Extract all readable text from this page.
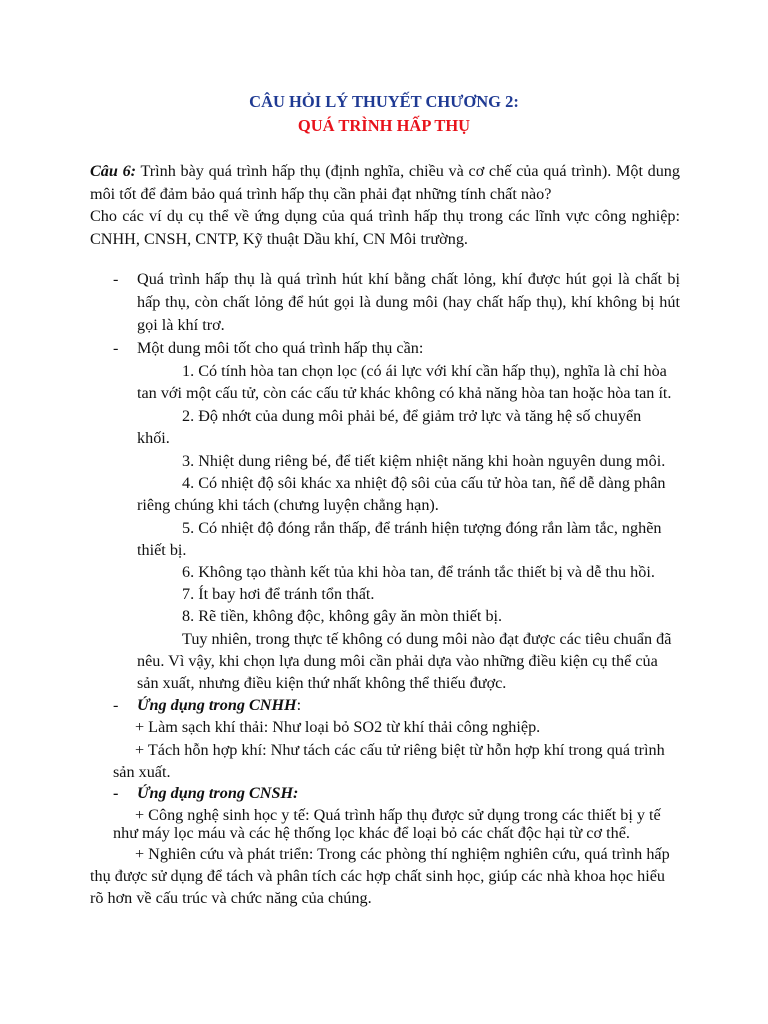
CÂU HỎI LÝ THUYẾT CHƯƠNG 2:
QUÁ TRÌNH HẤP THỤ
Câu 6: Trình bày quá trình hấp thụ (định nghĩa, chiều và cơ chế của quá trình). Một dung môi tốt để đảm bảo quá trình hấp thụ cần phải đạt những tính chất nào?
Cho các ví dụ cụ thể về ứng dụng của quá trình hấp thụ trong các lĩnh vực công nghiệp: CNHH, CNSH, CNTP, Kỹ thuật Dầu khí, CN Môi trường.
- Quá trình hấp thụ là quá trình hút khí bằng chất lỏng, khí được hút gọi là chất bị hấp thụ, còn chất lỏng để hút gọi là dung môi (hay chất hấp thụ), khí không bị hút gọi là khí trơ.
- Một dung môi tốt cho quá trình hấp thụ cần:
1. Có tính hòa tan chọn lọc (có ái lực với khí cần hấp thụ), nghĩa là chỉ hòa
tan với một cấu tử, còn các cấu tử khác không có khả năng hòa tan hoặc hòa tan ít.
2. Độ nhớt của dung môi phải bé, để giảm trở lực và tăng hệ số chuyển
khối.
3. Nhiệt dung riêng bé, để tiết kiệm nhiệt năng khi hoàn nguyên dung môi.
4. Có nhiệt độ sôi khác xa nhiệt độ sôi của cấu tử hòa tan, ñể dễ dàng phân
riêng chúng khi tách (chưng luyện chẳng hạn).
5. Có nhiệt độ đóng rắn thấp, để tránh hiện tượng đóng rắn làm tắc, nghẽn
thiết bị.
6. Không tạo thành kết tủa khi hòa tan, để tránh tắc thiết bị và dễ thu hồi.
7. Ít bay hơi để tránh tổn thất.
8. Rẽ tiền, không độc, không gây ăn mòn thiết bị.
Tuy nhiên, trong thực tế không có dung môi nào đạt được các tiêu chuẩn đã
nêu. Vì vậy, khi chọn lựa dung môi cần phải dựa vào những điều kiện cụ thể của
sản xuất, nhưng điều kiện thứ nhất không thể thiếu được.
- Ứng dụng trong CNHH:
+ Làm sạch khí thải: Như loại bỏ SO2 từ khí thải công nghiệp.
+ Tách hỗn hợp khí: Như tách các cấu tử riêng biệt từ hỗn hợp khí trong quá trình
sản xuất.
- Ứng dụng trong CNSH:
+ Công nghệ sinh học y tế: Quá trình hấp thụ được sử dụng trong các thiết bị y tế
như máy lọc máu và các hệ thống lọc khác để loại bỏ các chất độc hại từ cơ thể.
+ Nghiên cứu và phát triển: Trong các phòng thí nghiệm nghiên cứu, quá trình hấp
thụ được sử dụng để tách và phân tích các hợp chất sinh học, giúp các nhà khoa học hiểu
rõ hơn về cấu trúc và chức năng của chúng.
